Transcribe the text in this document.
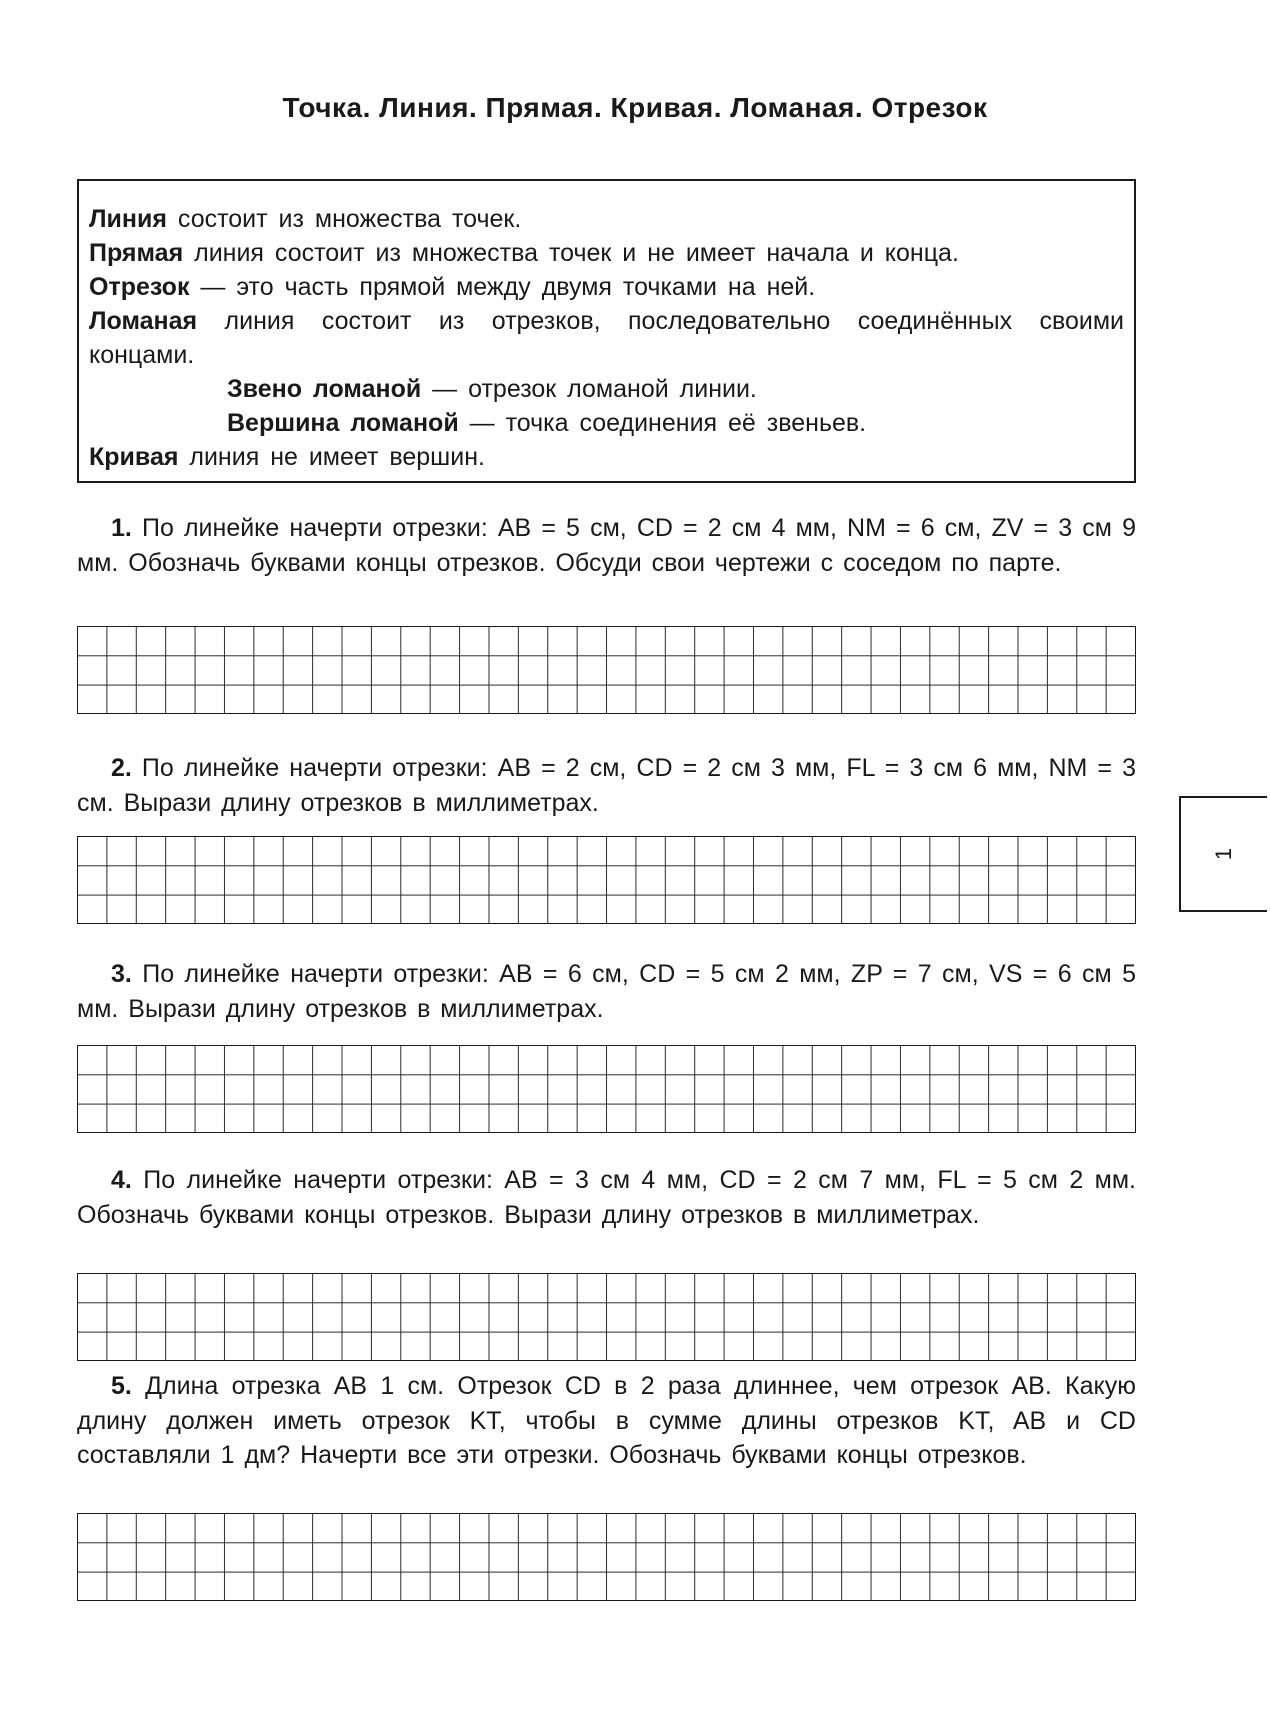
Точка. Линия. Прямая. Кривая. Ломаная. Отрезок

Линия состоит из множества точек.

Прямая линия состоит из множества точек и не имеет начала и конца.

Отрезок — это часть прямой между двумя точками на ней.

Ломаная линия состоит из отрезков, последовательно соединённых своими концами.

Звено ломаной — отрезок ломаной линии.

Вершина ломаной — точка соединения её звеньев.

Кривая линия не имеет вершин.

1. По линейке начерти отрезки: AB = 5 см, CD = 2 см 4 мм, NM = 6 см, ZV = 3 см 9 мм. Обозначь буквами концы отрезков. Обсуди свои чертежи с соседом по парте.

2. По линейке начерти отрезки: AB = 2 см, CD = 2 см 3 мм, FL = 3 см 6 мм, NM = 3 см. Вырази длину отрезков в миллиметрах.

3. По линейке начерти отрезки: AB = 6 см, CD = 5 см 2 мм, ZP = 7 см, VS = 6 см 5 мм. Вырази длину отрезков в миллиметрах.

4. По линейке начерти отрезки: AB = 3 см 4 мм, CD = 2 см 7 мм, FL = 5 см 2 мм. Обозначь буквами концы отрезков. Вырази длину отрезков в миллиметрах.

5. Длина отрезка AB 1 см. Отрезок CD в 2 раза длиннее, чем отрезок AB. Какую длину должен иметь отрезок KT, чтобы в сумме длины отрезков KT, AB и CD составляли 1 дм? Начерти все эти отрезки. Обозначь буквами концы отрезков.

1
